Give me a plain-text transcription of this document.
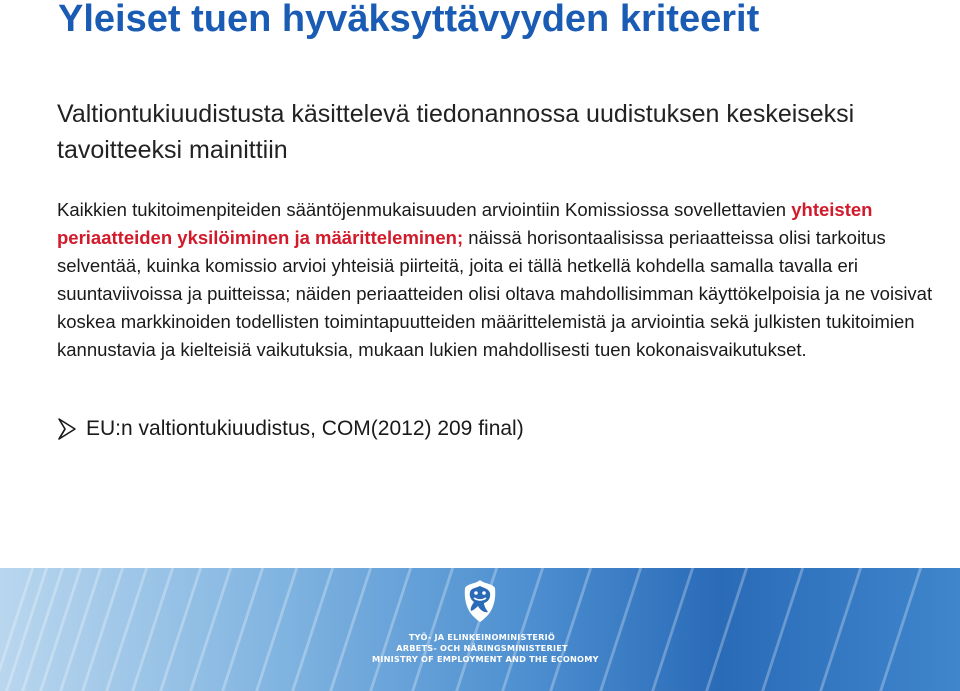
Yleiset tuen hyväksyttävyyden kriteerit

Valtiontukiuudistusta käsittelevä tiedonannossa uudistuksen keskeiseksi tavoitteeksi mainittiin

Kaikkien tukitoimenpiteiden sääntöjenmukaisuuden arviointiin Komissiossa sovellettavien yhteisten periaatteiden yksilöiminen ja määritteleminen; näissä horisontaalisissa periaatteissa olisi tarkoitus selventää, kuinka komissio arvioi yhteisiä piirteitä, joita ei tällä hetkellä kohdella samalla tavalla eri suuntaviivoissa ja puitteissa; näiden periaatteiden olisi oltava mahdollisimman käyttökelpoisia ja ne voisivat koskea markkinoiden todellisten toimintapuutteiden määrittelemistä ja arviointia sekä julkisten tukitoimien kannustavia ja kielteisiä vaikutuksia, mukaan lukien mahdollisesti tuen kokonaisvaikutukset.

EU:n valtiontukiuudistus, COM(2012) 209 final)
TYÖ- JA ELINKEINOMINISTERIÖ
ARBETS- OCH NÄRINGSMINISTERIET
MINISTRY OF EMPLOYMENT AND THE ECONOMY
